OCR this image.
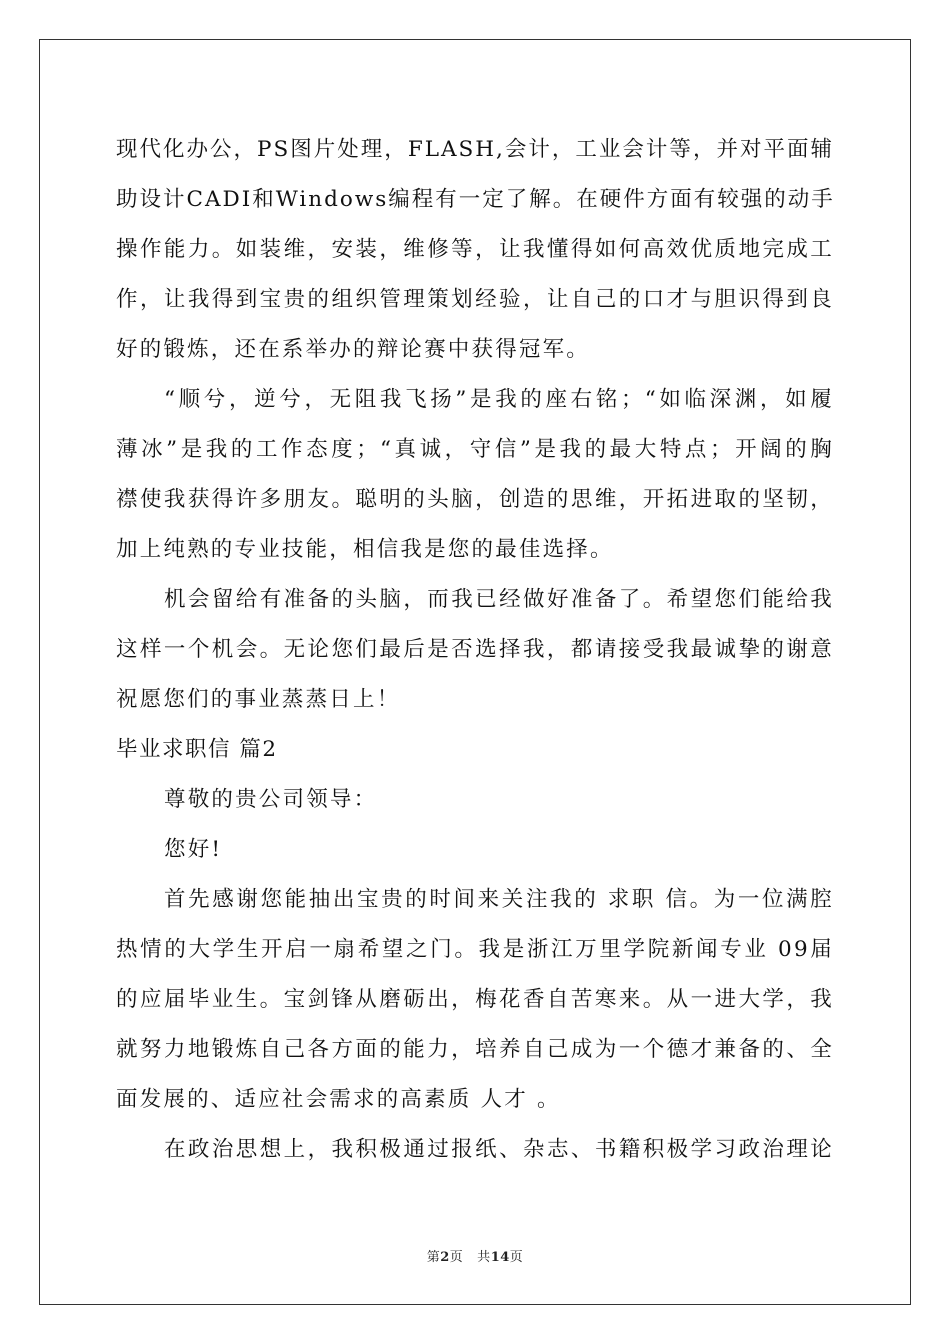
现代化办公，PS图片处理，FLASH,会计，工业会计等，并对平面辅
助设计CADI和Windows编程有一定了解。在硬件方面有较强的动手
操作能力。如装维，安装，维修等，让我懂得如何高效优质地完成工
作，让我得到宝贵的组织管理策划经验，让自己的口才与胆识得到良
好的锻炼，还在系举办的辩论赛中获得冠军。
“顺兮，逆兮，无阻我飞扬”是我的座右铭；“如临深渊，如履
薄冰”是我的工作态度；“真诚，守信”是我的最大特点；开阔的胸
襟使我获得许多朋友。聪明的头脑，创造的思维，开拓进取的坚韧，
加上纯熟的专业技能，相信我是您的最佳选择。
机会留给有准备的头脑，而我已经做好准备了。希望您们能给我
这样一个机会。无论您们最后是否选择我，都请接受我最诚挚的谢意
祝愿您们的事业蒸蒸日上！
毕业求职信 篇2
尊敬的贵公司领导：
您好!
首先感谢您能抽出宝贵的时间来关注我的 求职 信。为一位满腔
热情的大学生开启一扇希望之门。我是浙江万里学院新闻专业 09届
的应届毕业生。宝剑锋从磨砺出，梅花香自苦寒来。从一进大学，我
就努力地锻炼自己各方面的能力，培养自己成为一个德才兼备的、全
面发展的、适应社会需求的高素质 人才 。
在政治思想上，我积极通过报纸、杂志、书籍积极学习政治理论
第2页 共14页
